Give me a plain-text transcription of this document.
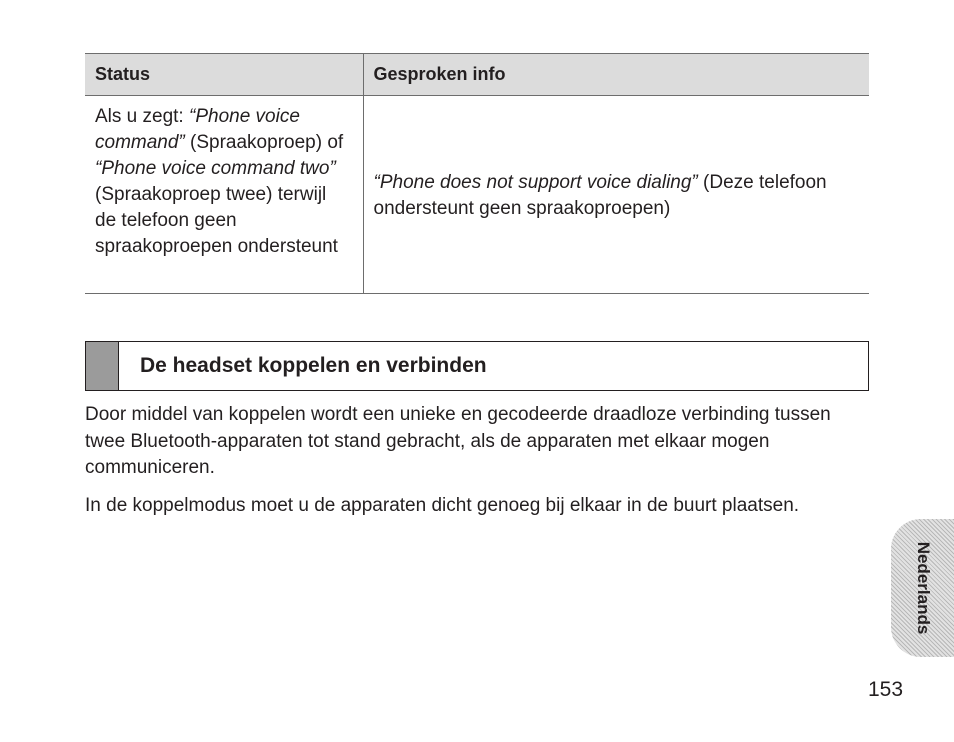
Status	Gesproken info
Als u zegt: “Phone voice command” (Spraakoproep) of “Phone voice command two” (Spraakoproep twee) terwijl de telefoon geen spraakoproepen ondersteunt	“Phone does not support voice dialing” (Deze telefoon ondersteunt geen spraakoproepen)
De headset koppelen en verbinden

Door middel van koppelen wordt een unieke en gecodeerde draadloze verbinding tussen twee Bluetooth-apparaten tot stand gebracht, als de apparaten met elkaar mogen communiceren.

In de koppelmodus moet u de apparaten dicht genoeg bij elkaar in de buurt plaatsen.

Nederlands
153
